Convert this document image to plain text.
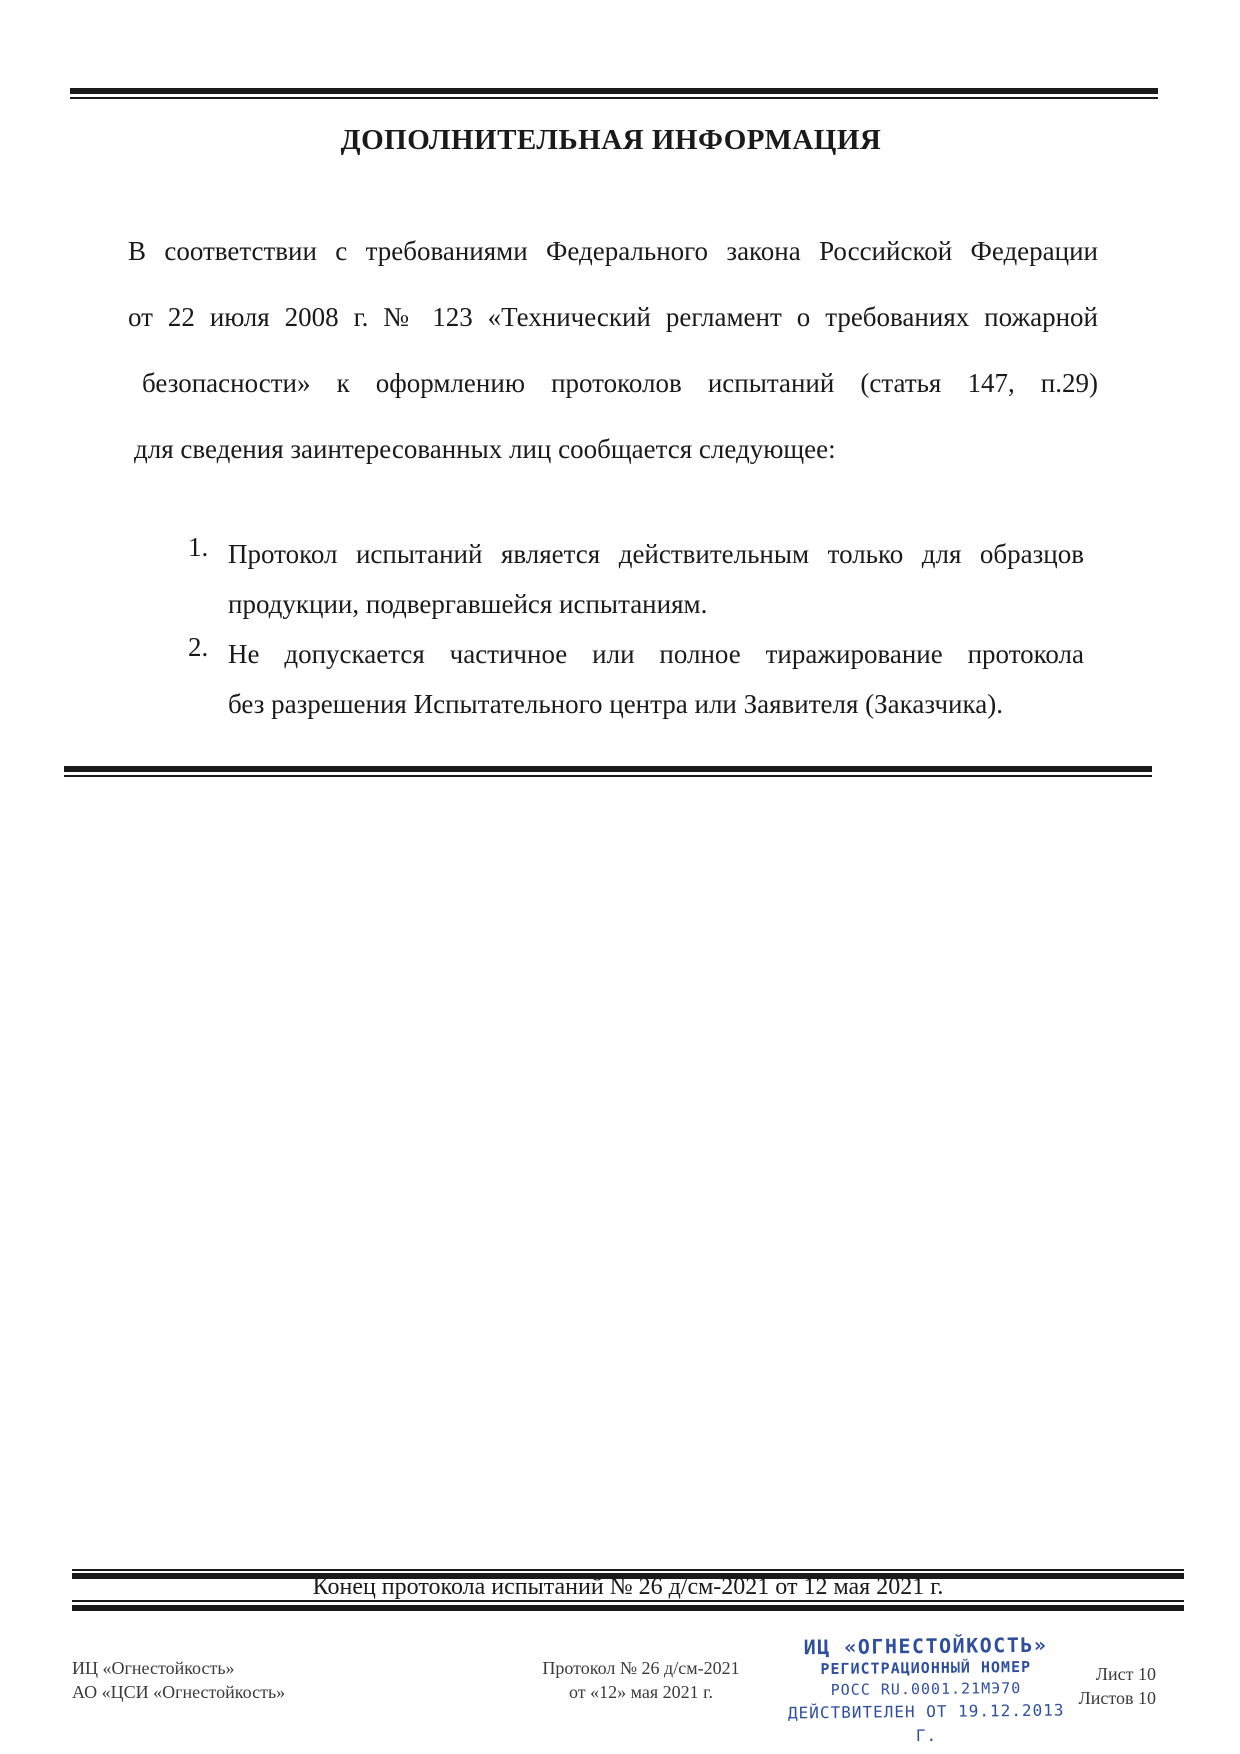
ДОПОЛНИТЕЛЬНАЯ ИНФОРМАЦИЯ
В соответствии с требованиями Федерального закона Российской Федерации
от 22 июля 2008 г. № 123 «Технический регламент о требованиях пожарной
безопасности» к оформлению протоколов испытаний (статья 147, п.29)
для сведения заинтересованных лиц сообщается следующее:
1. Протокол испытаний является действительным только для образцов
продукции, подвергавшейся испытаниям.
2. Не допускается частичное или полное тиражирование протокола
без разрешения Испытательного центра или Заявителя (Заказчика).
Конец протокола испытаний № 26 д/см-2021 от 12 мая 2021 г.
ИЦ «Огнестойкость»
АО «ЦСИ «Огнестойкость»
Протокол № 26 д/см-2021
от «12» мая 2021 г.
ИЦ «ОГНЕСТОЙКОСТЬ»
РЕГИСТРАЦИОННЫЙ НОМЕР
РОСС RU.0001.21МЭ70
ДЕЙСТВИТЕЛЕН ОТ 19.12.2013 Г.
Лист 10
Листов 10
